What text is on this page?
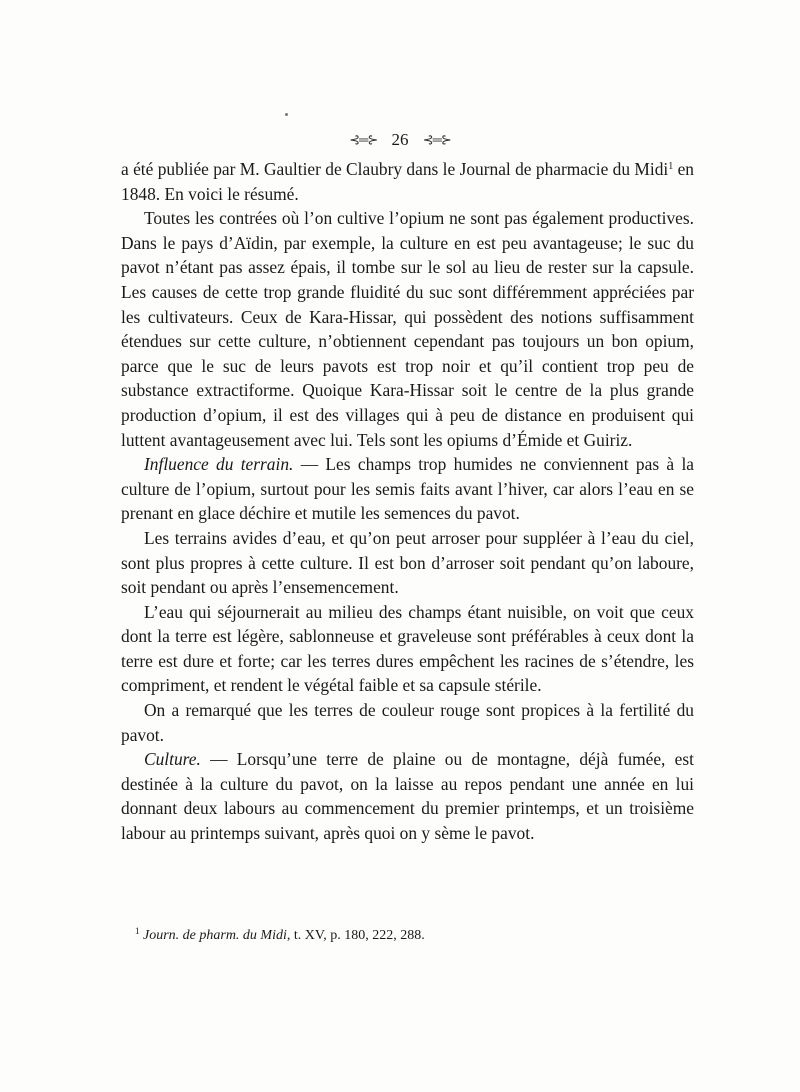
⊰═⊱ 26 ⊰═⊱

a été publiée par M. Gaultier de Claubry dans le Journal de pharmacie du Midi$^1$ en 1848. En voici le résumé.

Toutes les contrées où l’on cultive l’opium ne sont pas également productives. Dans le pays d’Aïdin, par exemple, la culture en est peu avantageuse; le suc du pavot n’étant pas assez épais, il tombe sur le sol au lieu de rester sur la capsule. Les causes de cette trop grande fluidité du suc sont différemment appréciées par les cultivateurs. Ceux de Kara-Hissar, qui possèdent des notions suffisamment étendues sur cette culture, n’obtiennent cependant pas toujours un bon opium, parce que le suc de leurs pavots est trop noir et qu’il contient trop peu de substance extractiforme. Quoique Kara-Hissar soit le centre de la plus grande production d’opium, il est des villages qui à peu de distance en produisent qui luttent avantageusement avec lui. Tels sont les opiums d’Émide et Guiriz.

Influence du terrain. — Les champs trop humides ne conviennent pas à la culture de l’opium, surtout pour les semis faits avant l’hiver, car alors l’eau en se prenant en glace déchire et mutile les semences du pavot.

Les terrains avides d’eau, et qu’on peut arroser pour suppléer à l’eau du ciel, sont plus propres à cette culture. Il est bon d’arroser soit pendant qu’on laboure, soit pendant ou après l’ensemencement.

L’eau qui séjournerait au milieu des champs étant nuisible, on voit que ceux dont la terre est légère, sablonneuse et graveleuse sont préférables à ceux dont la terre est dure et forte; car les terres dures empêchent les racines de s’étendre, les compriment, et rendent le végétal faible et sa capsule stérile.

On a remarqué que les terres de couleur rouge sont propices à la fertilité du pavot.

Culture. — Lorsqu’une terre de plaine ou de montagne, déjà fumée, est destinée à la culture du pavot, on la laisse au repos pendant une année en lui donnant deux labours au commencement du premier printemps, et un troisième labour au printemps suivant, après quoi on y sème le pavot.

$^1$ Journ. de pharm. du Midi, t. XV, p. 180, 222, 288.
